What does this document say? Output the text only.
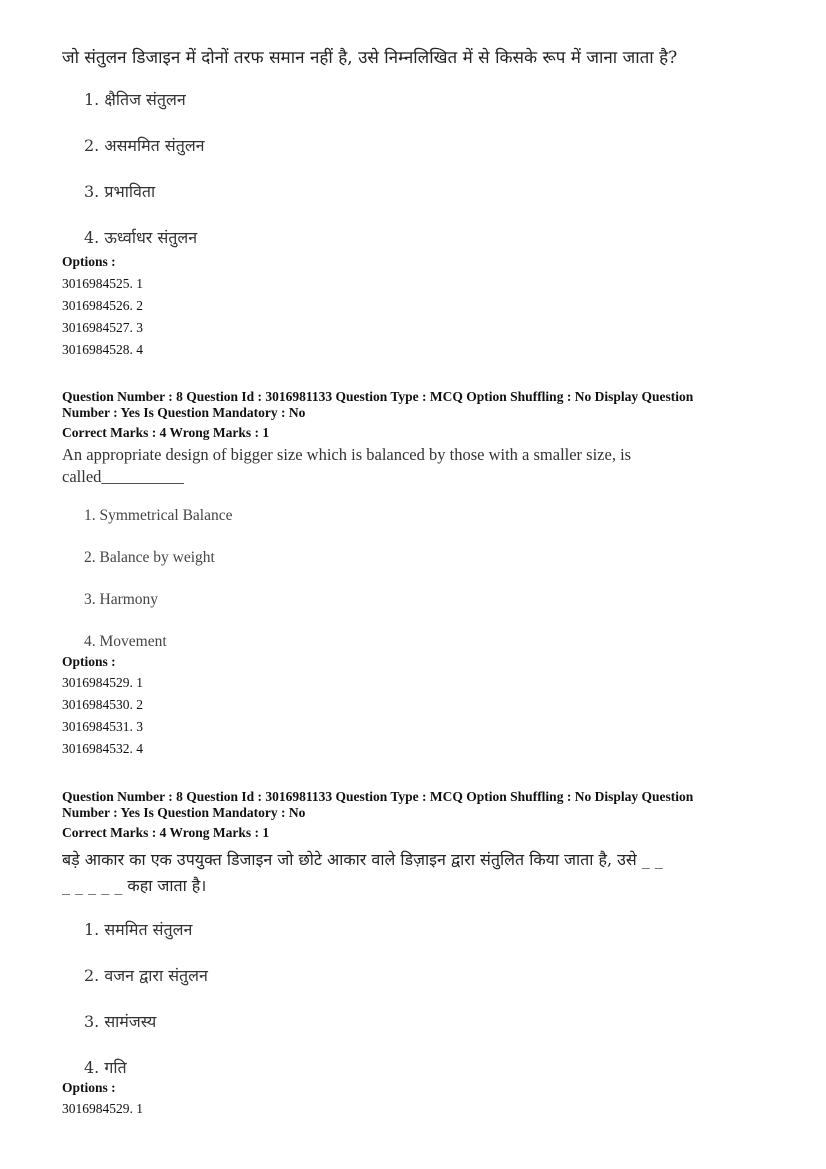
जो संतुलन डिजाइन में दोनों तरफ समान नहीं है, उसे निम्नलिखित में से किसके रूप में जाना जाता है?
1. क्षैतिज संतुलन
2. असममित संतुलन
3. प्रभाविता
4. ऊर्ध्वाधर संतुलन
Options :
3016984525. 1
3016984526. 2
3016984527. 3
3016984528. 4
Question Number : 8 Question Id : 3016981133 Question Type : MCQ Option Shuffling : No Display Question
Number : Yes Is Question Mandatory : No
Correct Marks : 4 Wrong Marks : 1
An appropriate design of bigger size which is balanced by those with a smaller size, is
called__________
1. Symmetrical Balance
2. Balance by weight
3. Harmony
4. Movement
Options :
3016984529. 1
3016984530. 2
3016984531. 3
3016984532. 4
Question Number : 8 Question Id : 3016981133 Question Type : MCQ Option Shuffling : No Display Question
Number : Yes Is Question Mandatory : No
Correct Marks : 4 Wrong Marks : 1
बड़े आकार का एक उपयुक्त डिजाइन जो छोटे आकार वाले डिज़ाइन द्वारा संतुलित किया जाता है, उसे _ _
_ _ _ _ _ कहा जाता है।
1. सममित संतुलन
2. वजन द्वारा संतुलन
3. सामंजस्य
4. गति
Options :
3016984529. 1
